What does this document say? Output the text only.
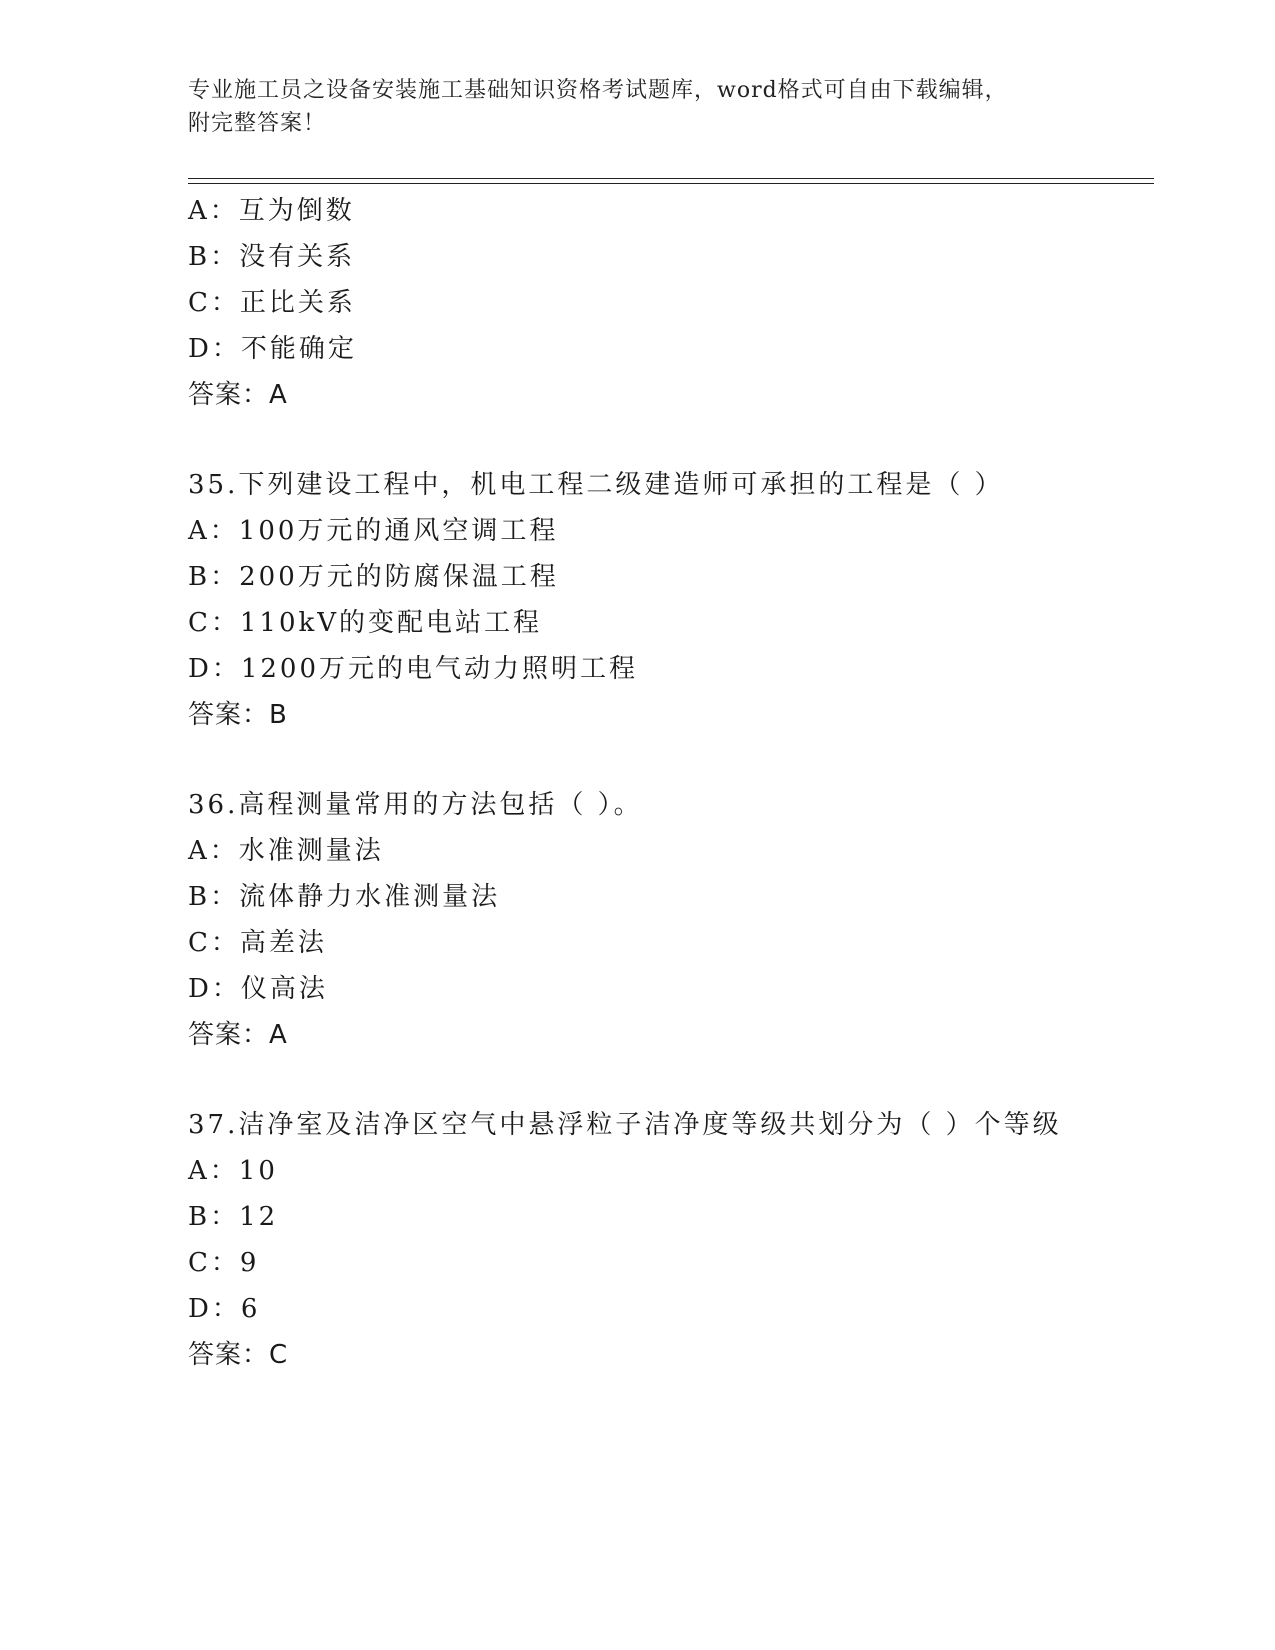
专业施工员之设备安装施工基础知识资格考试题库，word格式可自由下载编辑，
附完整答案！
A：互为倒数
B：没有关系
C：正比关系
D：不能确定
答案：A
35.下列建设工程中，机电工程二级建造师可承担的工程是（ ）
A：100万元的通风空调工程
B：200万元的防腐保温工程
C：110kV的变配电站工程
D：1200万元的电气动力照明工程
答案：B
36.高程测量常用的方法包括（ ）。
A：水准测量法
B：流体静力水准测量法
C：高差法
D：仪高法
答案：A
37.洁净室及洁净区空气中悬浮粒子洁净度等级共划分为（ ）个等级
A：10
B：12
C：9
D：6
答案：C
